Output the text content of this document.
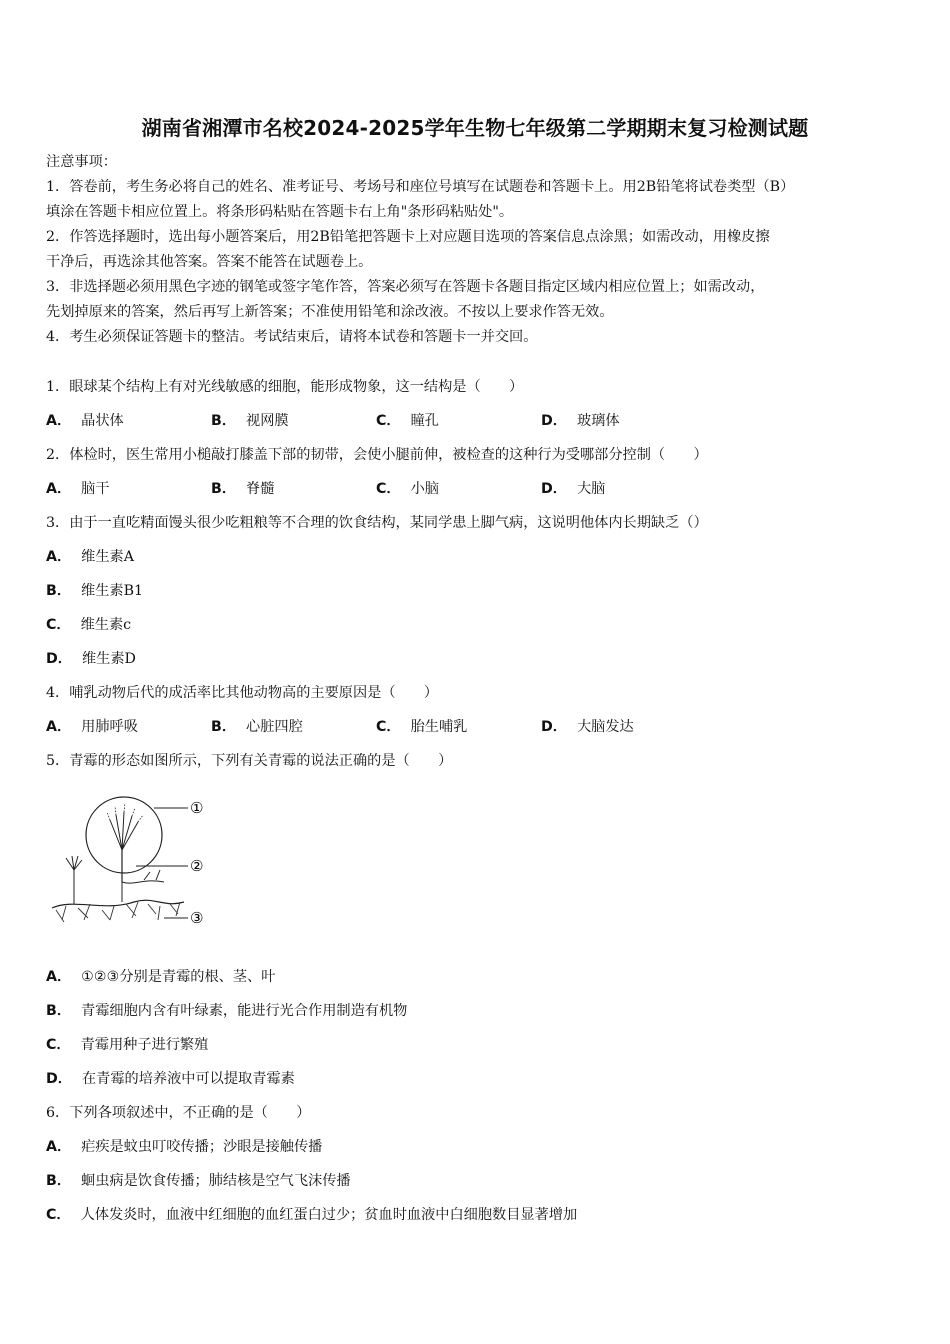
湖南省湘潭市名校2024-2025学年生物七年级第二学期期末复习检测试题
注意事项：
1．答卷前，考生务必将自己的姓名、准考证号、考场号和座位号填写在试题卷和答题卡上。用2B铅笔将试卷类型（B）
填涂在答题卡相应位置上。将条形码粘贴在答题卡右上角"条形码粘贴处"。
2．作答选择题时，选出每小题答案后，用2B铅笔把答题卡上对应题目选项的答案信息点涂黑；如需改动，用橡皮擦
干净后，再选涂其他答案。答案不能答在试题卷上。
3．非选择题必须用黑色字迹的钢笔或签字笔作答，答案必须写在答题卡各题目指定区域内相应位置上；如需改动，
先划掉原来的答案，然后再写上新答案；不准使用铅笔和涂改液。不按以上要求作答无效。
4．考生必须保证答题卡的整洁。考试结束后，请将本试卷和答题卡一并交回。
1．眼球某个结构上有对光线敏感的细胞，能形成物象，这一结构是（　　）
A． 晶状体	B． 视网膜	C． 瞳孔	D． 玻璃体
2．体检时，医生常用小槌敲打膝盖下部的韧带，会使小腿前伸，被检查的这种行为受哪部分控制（　　）
A． 脑干	B． 脊髓	C． 小脑	D． 大脑
3．由于一直吃精面馒头很少吃粗粮等不合理的饮食结构，某同学患上脚气病，这说明他体内长期缺乏（）
A． 维生素A
B． 维生素B1
C． 维生素c
D． 维生素D
4．哺乳动物后代的成活率比其他动物高的主要原因是（　　）
A． 用肺呼吸	B． 心脏四腔	C． 胎生哺乳	D． 大脑发达
5．青霉的形态如图所示，下列有关青霉的说法正确的是（　　）
①
②
③
A． ①②③分别是青霉的根、茎、叶
B． 青霉细胞内含有叶绿素，能进行光合作用制造有机物
C． 青霉用种子进行繁殖
D． 在青霉的培养液中可以提取青霉素
6．下列各项叙述中，不正确的是（　　）
A． 疟疾是蚊虫叮咬传播；沙眼是接触传播
B． 蛔虫病是饮食传播；肺结核是空气飞沫传播
C． 人体发炎时，血液中红细胞的血红蛋白过少；贫血时血液中白细胞数目显著增加
